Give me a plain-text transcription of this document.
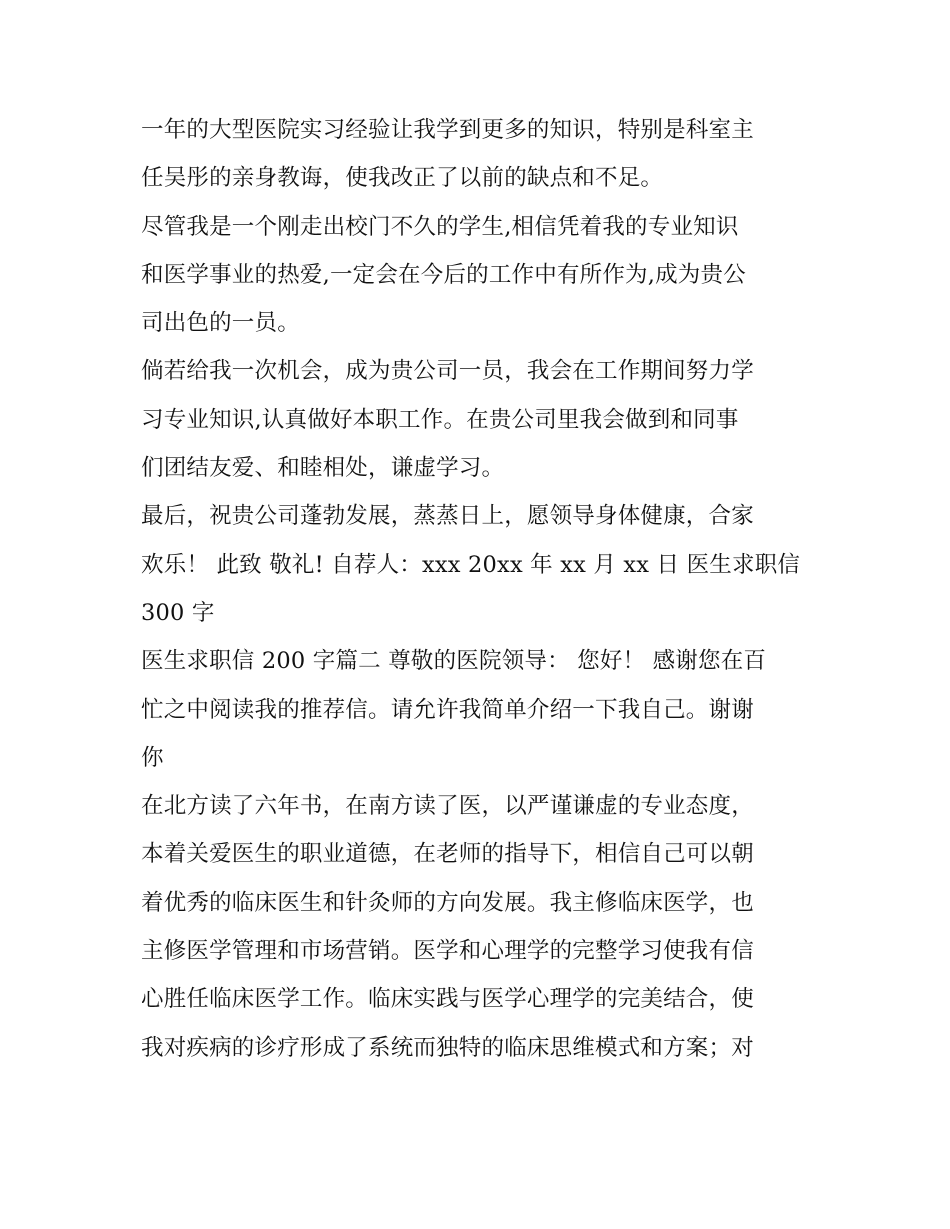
一年的大型医院实习经验让我学到更多的知识，特别是科室主
任吴彤的亲身教诲，使我改正了以前的缺点和不足。
尽管我是一个刚走出校门不久的学生,相信凭着我的专业知识
和医学事业的热爱,一定会在今后的工作中有所作为,成为贵公
司出色的一员。
倘若给我一次机会，成为贵公司一员，我会在工作期间努力学
习专业知识,认真做好本职工作。在贵公司里我会做到和同事
们团结友爱、和睦相处，谦虚学习。
最后，祝贵公司蓬勃发展，蒸蒸日上，愿领导身体健康，合家
欢乐！ 此致 敬礼! 自荐人：xxx 20xx 年 xx 月 xx 日 医生求职信
300 字
医生求职信 200 字篇二 尊敬的医院领导： 您好！ 感谢您在百
忙之中阅读我的推荐信。请允许我简单介绍一下我自己。谢谢
你
在北方读了六年书，在南方读了医，以严谨谦虚的专业态度，
本着关爱医生的职业道德，在老师的指导下，相信自己可以朝
着优秀的临床医生和针灸师的方向发展。我主修临床医学，也
主修医学管理和市场营销。医学和心理学的完整学习使我有信
心胜任临床医学工作。临床实践与医学心理学的完美结合，使
我对疾病的诊疗形成了系统而独特的临床思维模式和方案；对
